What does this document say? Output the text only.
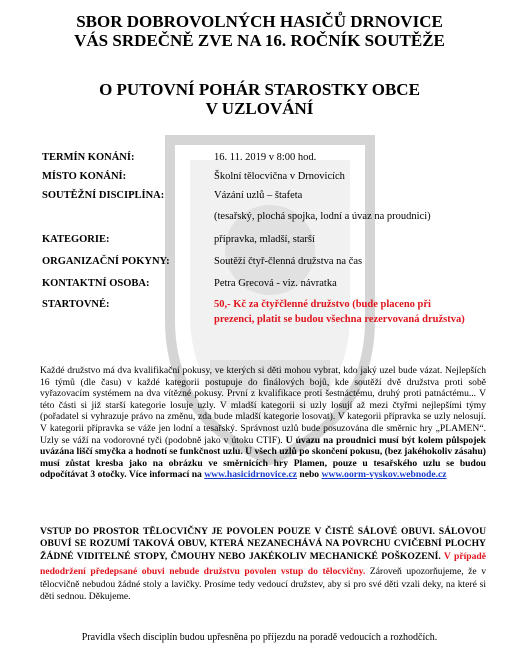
SBOR DOBROVOLNÝCH HASIČŮ DRNOVICE
VÁS SRDEČNĚ ZVE NA 16. ROČNÍK SOUTĚŽE
O PUTOVNÍ POHÁR STAROSTKY OBCE
V UZLOVÁNÍ
TERMÍN KONÁNÍ:	16. 11. 2019 v 8:00 hod.
MÍSTO KONÁNÍ:	Školní tělocvična v Drnovicích
SOUTĚŽNÍ DISCIPLÍNA:	Vázání uzlů – štafeta
(tesařský, plochá spojka, lodní a úvaz na proudnici)
KATEGORIE:	přípravka, mladší, starší
ORGANIZAČNÍ POKYNY:	Soutěží čtyř-členná družstva na čas
KONTAKTNÍ OSOBA:	Petra Grecová - viz. návratka
STARTOVNÉ:	50,- Kč za čtyřčlenné družstvo (bude placeno při prezenci, platit se budou všechna rezervovaná družstva)
Každé družstvo má dva kvalifikační pokusy, ve kterých si děti mohou vybrat, kdo jaký uzel bude vázat. Nejlepších 16 týmů (dle času) v každé kategorii postupuje do finálových bojů, kde soutěží dvě družstva proti sobě vyřazovacím systémem na dva vítězné pokusy. První z kvalifikace proti šestnáctému, druhý proti patnáctému... V této části si již starší kategorie losuje uzly. V mladší kategorii si uzly losují až mezi čtyřmi nejlepšími týmy (pořadatel si vyhrazuje právo na změnu, zda bude mladší kategorie losovat). V kategorii přípravka se uzly nelosují. V kategorii přípravka se váže jen lodní a tesařský. Správnost uzlů bude posuzována dle směrnic hry „PLAMEN“. Uzly se váží na vodorovné tyči (podobně jako v útoku CTIF). U úvazu na proudnici musí být kolem půlspojek uvázána liščí smyčka a hodnotí se funkčnost uzlu. U všech uzlů po skončení pokusu, (bez jakéhokoliv zásahu) musí zůstat kresba jako na obrázku ve směrnicích hry Plamen, pouze u tesařského uzlu se budou odpočítávat 3 otočky. Více informací na www.hasicidrnovice.cz nebo www.oorm-vyskov.webnode.cz
VSTUP DO PROSTOR TĚLOCVIČNY JE POVOLEN POUZE V ČISTÉ SÁLOVÉ OBUVI. SÁLOVOU OBUVÍ SE ROZUMÍ TAKOVÁ OBUV, KTERÁ NEZANECHÁVÁ NA POVRCHU CVIČEBNÍ PLOCHY ŽÁDNÉ VIDITELNÉ STOPY, ČMOUHY NEBO JAKÉKOLIV MECHANICKÉ POŠKOZENÍ. V případě nedodržení předepsané obuvi nebude družstvu povolen vstup do tělocvičny. Zároveň upozorňujeme, že v tělocvičně nebudou žádné stoly a lavičky. Prosíme tedy vedoucí družstev, aby si pro své děti vzali deky, na které si děti sednou. Děkujeme.
Pravidla všech disciplín budou upřesněna po příjezdu na poradě vedoucích a rozhodčích.
